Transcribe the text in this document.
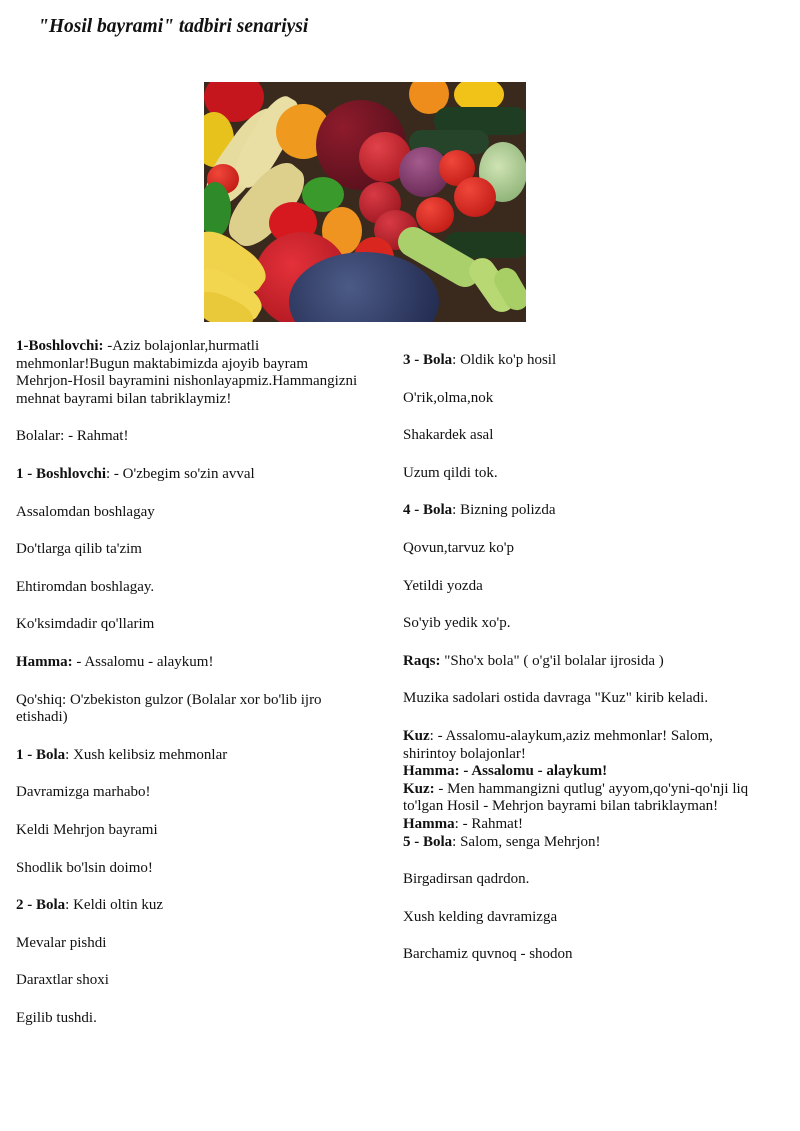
"Hosil bayrami" tadbiri senariysi

1-Boshlovchi: -Aziz bolajonlar,hurmatli mehmonlar!Bugun maktabimizda ajoyib bayram Mehrjon-Hosil bayramini nishonlayapmiz.Hammangizni mehnat bayrami bilan tabriklaymiz!

Bolalar: - Rahmat!

1 - Boshlovchi: - O'zbegim so'zin avval

Assalomdan boshlagay

Do'tlarga qilib ta'zim

Ehtiromdan boshlagay.

Ko'ksimdadir qo'llarim

Hamma: - Assalomu - alaykum!

Qo'shiq: O'zbekiston gulzor (Bolalar xor bo'lib ijro etishadi)

1 - Bola: Xush kelibsiz mehmonlar

Davramizga marhabo!

Keldi Mehrjon bayrami

Shodlik bo'lsin doimo!

2 - Bola: Keldi oltin kuz

Mevalar pishdi

Daraxtlar shoxi

Egilib tushdi.

3 - Bola: Oldik ko'p hosil

O'rik,olma,nok

Shakardek asal

Uzum qildi tok.

4 - Bola: Bizning polizda

Qovun,tarvuz ko'p

Yetildi yozda

So'yib yedik xo'p.

Raqs: "Sho'x bola" ( o'g'il bolalar ijrosida )

Muzika sadolari ostida davraga "Kuz" kirib keladi.

Kuz: - Assalomu-alaykum,aziz mehmonlar! Salom, shirintoy bolajonlar!

Hamma: - Assalomu - alaykum!

Kuz: - Men hammangizni qutlug' ayyom,qo'yni-qo'nji liq to'lgan Hosil - Mehrjon bayrami bilan tabriklayman!

Hamma: - Rahmat!

5 - Bola: Salom, senga Mehrjon!

Birgadirsan qadrdon.

Xush kelding davramizga

Barchamiz quvnoq - shodon
